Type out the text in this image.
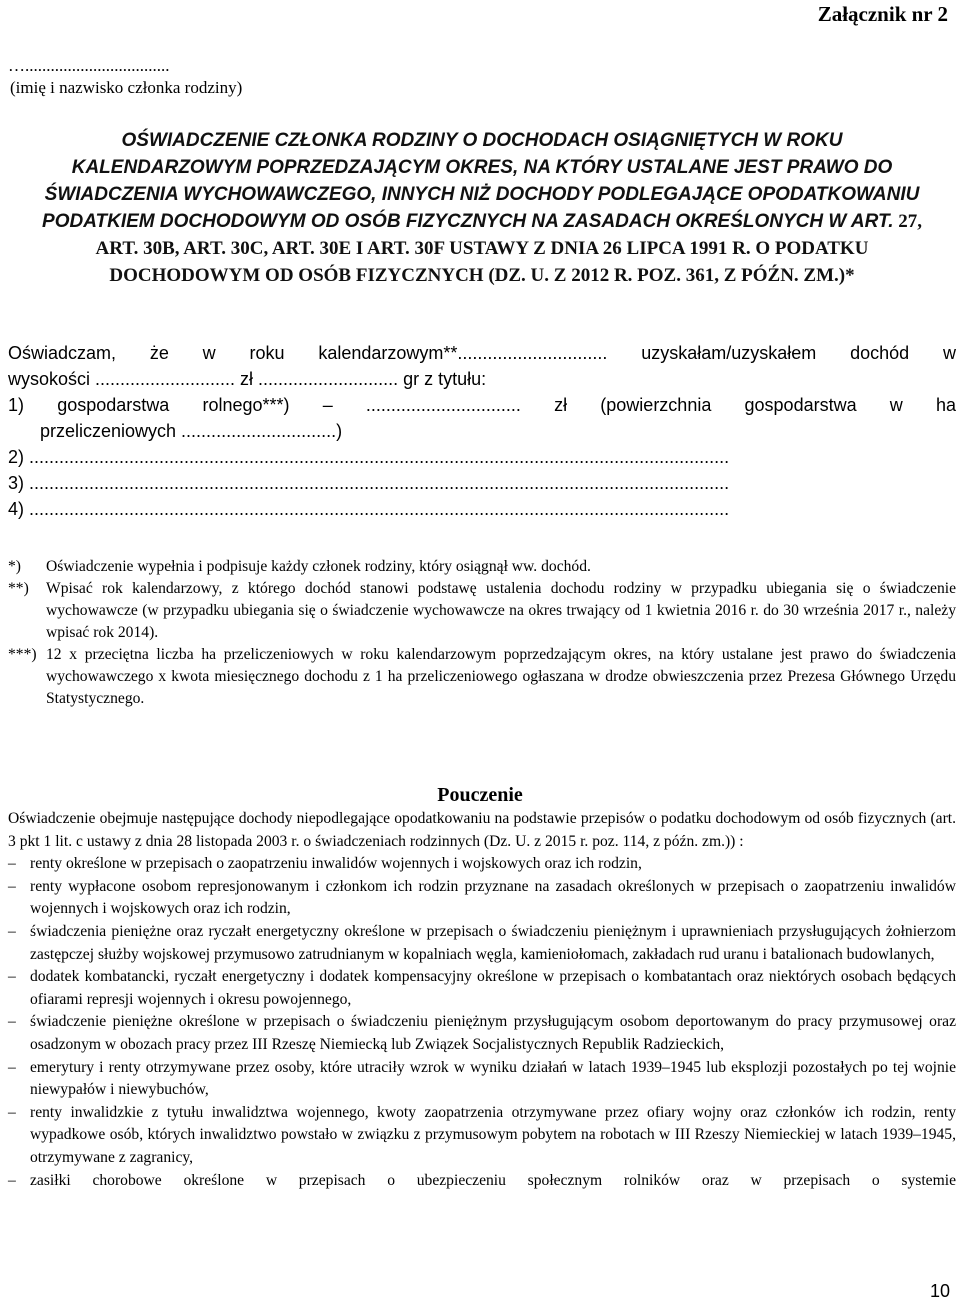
Załącznik nr 2
…..................................
(imię i nazwisko członka rodziny)
OŚWIADCZENIE CZŁONKA RODZINY O DOCHODACH OSIĄGNIĘTYCH W ROKU KALENDARZOWYM POPRZEDZAJĄCYM OKRES, NA KTÓRY USTALANE JEST PRAWO DO ŚWIADCZENIA WYCHOWAWCZEGO, INNYCH NIŻ DOCHODY PODLEGAJĄCE OPODATKOWANIU PODATKIEM DOCHODOWYM OD OSÓB FIZYCZNYCH NA ZASADACH OKREŚLONYCH W ART. 27, ART. 30B, ART. 30C, ART. 30E I ART. 30F USTAWY Z DNIA 26 LIPCA 1991 R. O PODATKU DOCHODOWYM OD OSÓB FIZYCZNYCH (DZ. U. Z 2012 R. POZ. 361, Z PÓŹN. ZM.)*
Oświadczam, że w roku kalendarzowym**.............................. uzyskałam/uzyskałem dochód w
wysokości ............................ zł ............................ gr z tytułu:
1) gospodarstwa rolnego***) ‒ ............................... zł (powierzchnia gospodarstwa w ha
przeliczeniowych ...............................)
2) ............................................................................................................................................
3) ............................................................................................................................................
4) ............................................................................................................................................
*)	Oświadczenie wypełnia i podpisuje każdy członek rodziny, który osiągnął ww. dochód.
**)	Wpisać rok kalendarzowy, z którego dochód stanowi podstawę ustalenia dochodu rodziny w przypadku ubiegania się o świadczenie wychowawcze (w przypadku ubiegania się o świadczenie wychowawcze na okres trwający od 1 kwietnia 2016 r. do 30 września 2017 r., należy wpisać rok 2014).
***) 12 x przeciętna liczba ha przeliczeniowych w roku kalendarzowym poprzedzającym okres, na który ustalane jest prawo do świadczenia wychowawczego x kwota miesięcznego dochodu z 1 ha przeliczeniowego ogłaszana w drodze obwieszczenia przez Prezesa Głównego Urzędu Statystycznego.
Pouczenie
Oświadczenie obejmuje następujące dochody niepodlegające opodatkowaniu na podstawie przepisów o podatku dochodowym od osób fizycznych (art. 3 pkt 1 lit. c ustawy z dnia 28 listopada 2003 r. o świadczeniach rodzinnych (Dz. U. z 2015 r. poz. 114, z późn. zm.)) :
‒ renty określone w przepisach o zaopatrzeniu inwalidów wojennych i wojskowych oraz ich rodzin,
‒ renty wypłacone osobom represjonowanym i członkom ich rodzin przyznane na zasadach określonych w przepisach o zaopatrzeniu inwalidów wojennych i wojskowych oraz ich rodzin,
‒ świadczenia pieniężne oraz ryczałt energetyczny określone w przepisach o świadczeniu pieniężnym i uprawnieniach przysługujących żołnierzom zastępczej służby wojskowej przymusowo zatrudnianym w kopalniach węgla, kamieniołomach, zakładach rud uranu i batalionach budowlanych,
‒ dodatek kombatancki, ryczałt energetyczny i dodatek kompensacyjny określone w przepisach o kombatantach oraz niektórych osobach będących ofiarami represji wojennych i okresu powojennego,
‒ świadczenie pieniężne określone w przepisach o świadczeniu pieniężnym przysługującym osobom deportowanym do pracy przymusowej oraz osadzonym w obozach pracy przez III Rzeszę Niemiecką lub Związek Socjalistycznych Republik Radzieckich,
‒ emerytury i renty otrzymywane przez osoby, które utraciły wzrok w wyniku działań w latach 1939‒1945 lub eksplozji pozostałych po tej wojnie niewypałów i niewybuchów,
‒ renty inwalidzkie z tytułu inwalidztwa wojennego, kwoty zaopatrzenia otrzymywane przez ofiary wojny oraz członków ich rodzin, renty wypadkowe osób, których inwalidztwo powstało w związku z przymusowym pobytem na robotach w III Rzeszy Niemieckiej w latach 1939‒1945, otrzymywane z zagranicy,
‒ zasiłki chorobowe określone w przepisach o ubezpieczeniu społecznym rolników oraz w przepisach o systemie
10
